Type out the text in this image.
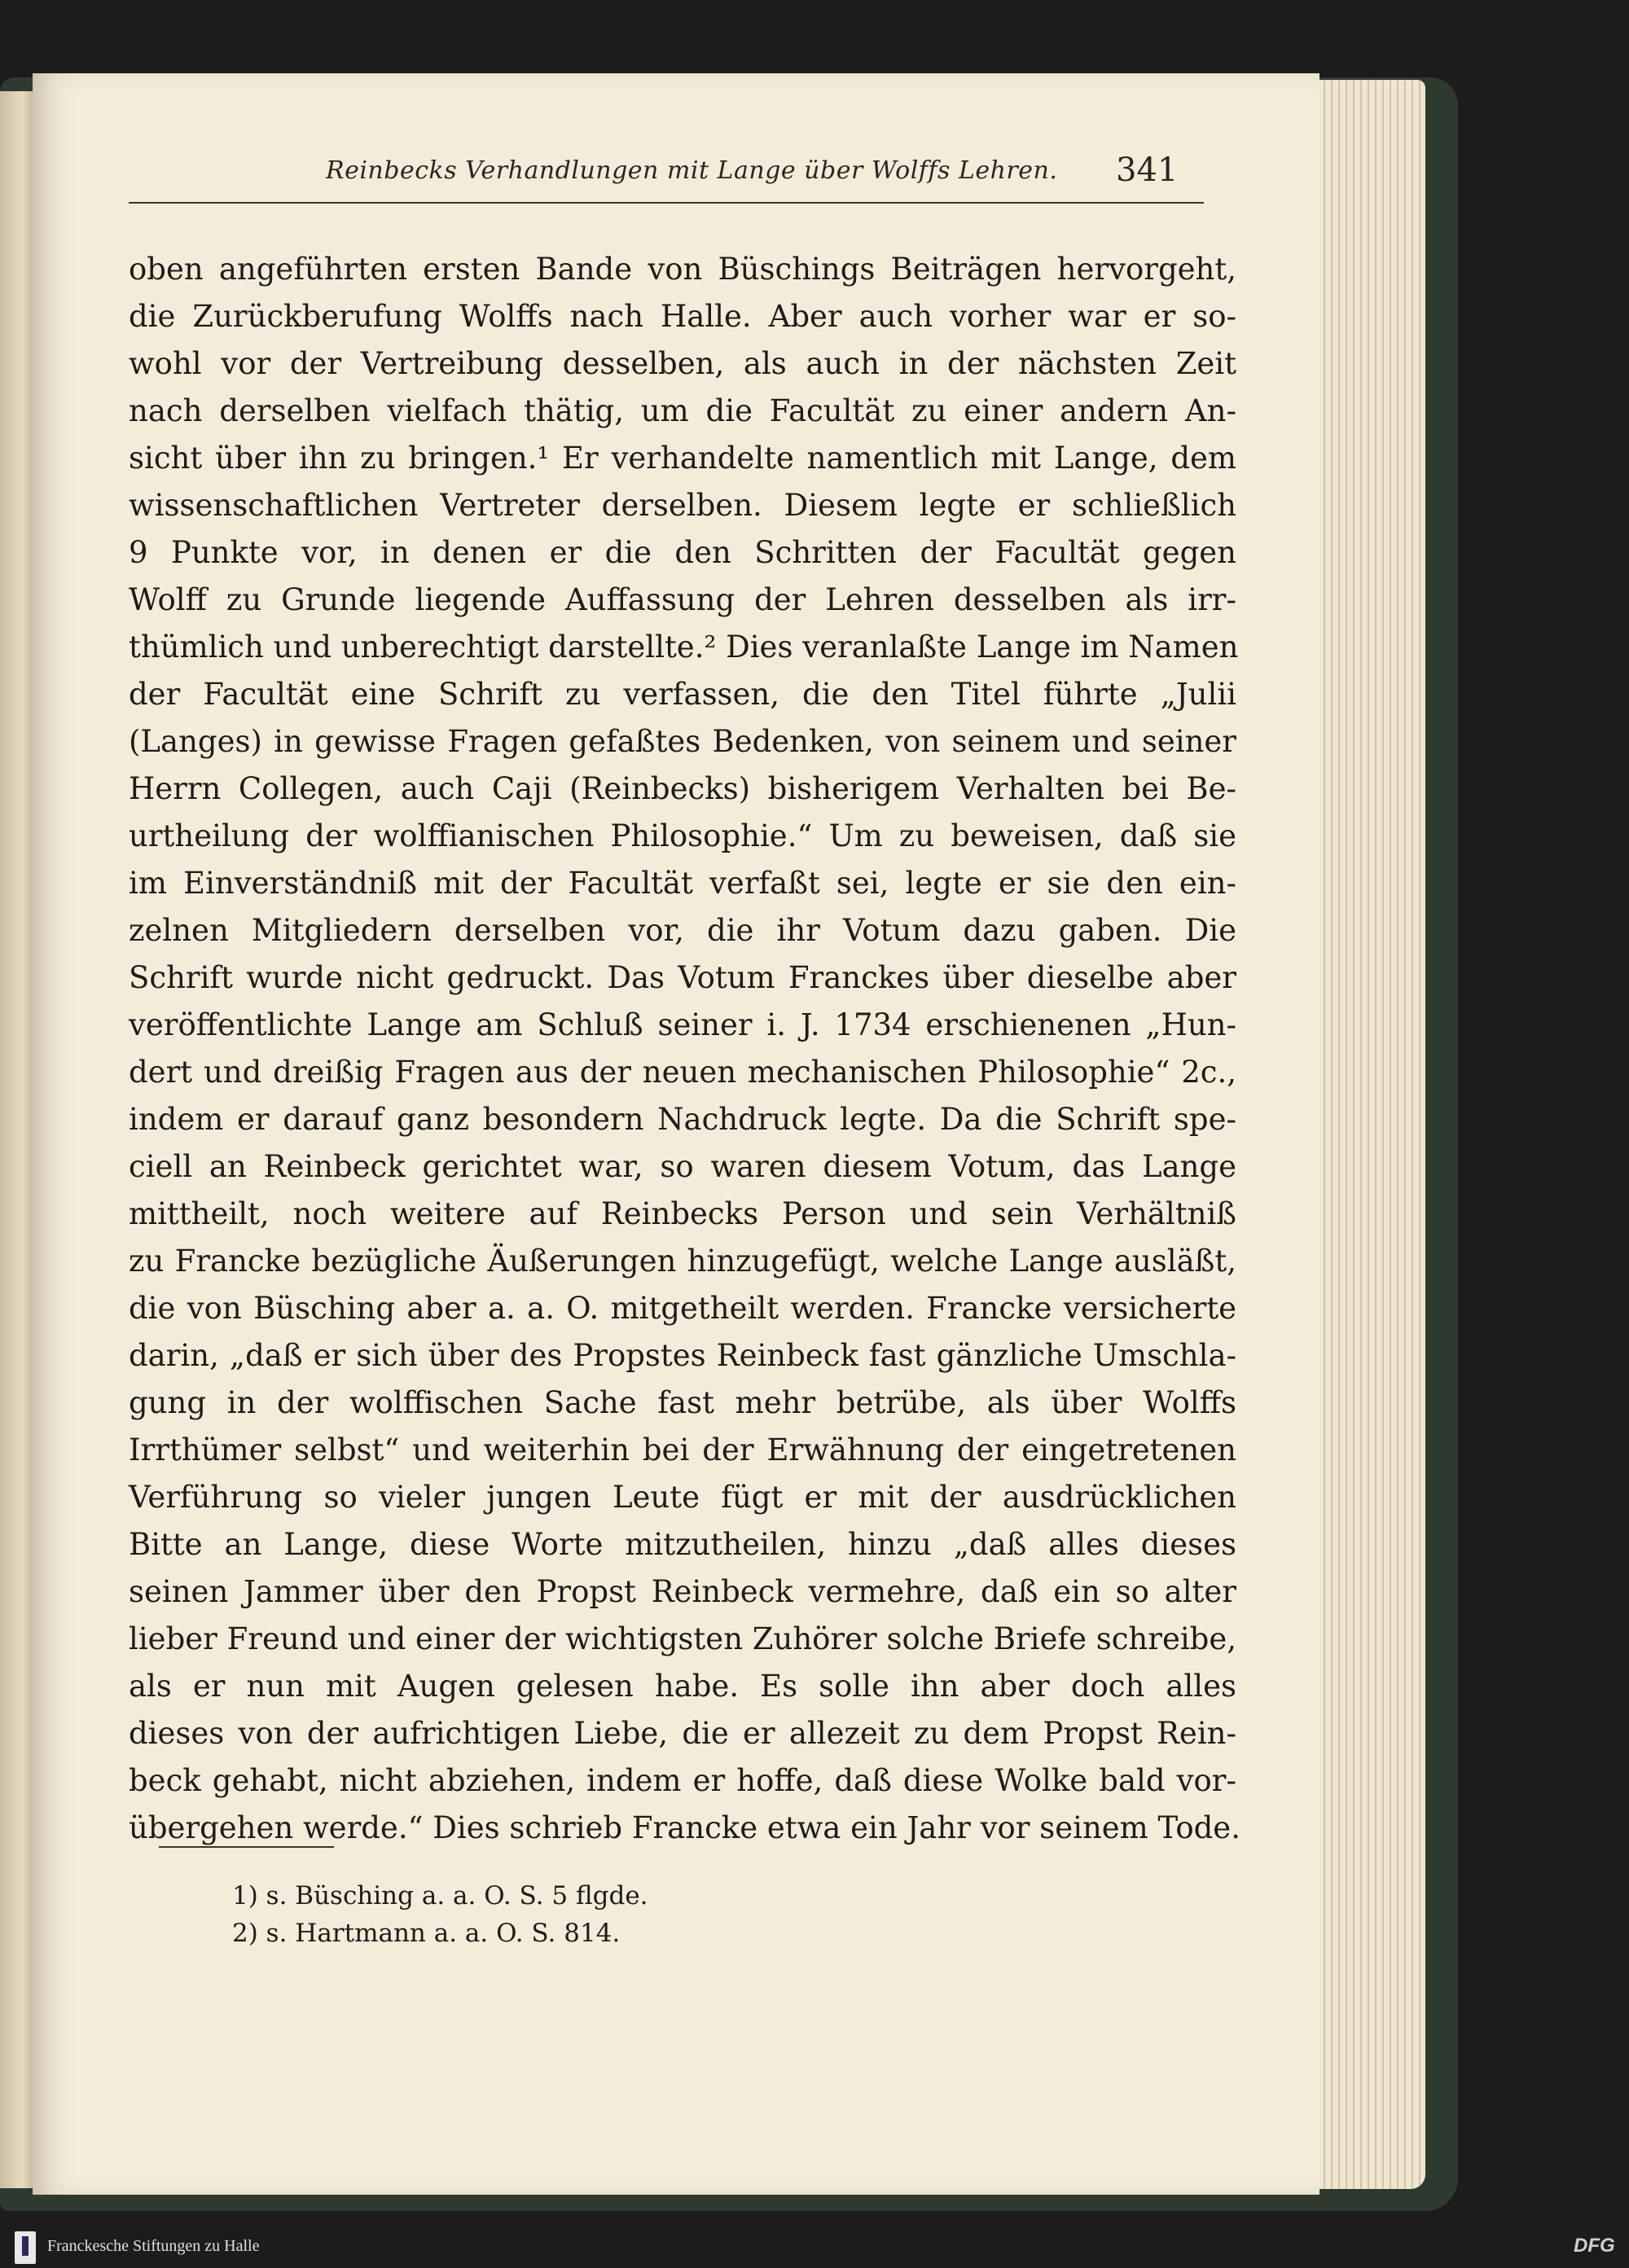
Reinbecks Verhandlungen mit Lange über Wolffs Lehren. 341
oben angeführten ersten Bande von Büschings Beiträgen hervorgeht,
die Zurückberufung Wolffs nach Halle. Aber auch vorher war er so-
wohl vor der Vertreibung desselben, als auch in der nächsten Zeit
nach derselben vielfach thätig, um die Facultät zu einer andern An-
sicht über ihn zu bringen.¹ Er verhandelte namentlich mit Lange, dem
wissenschaftlichen Vertreter derselben. Diesem legte er schließlich
9 Punkte vor, in denen er die den Schritten der Facultät gegen
Wolff zu Grunde liegende Auffassung der Lehren desselben als irr-
thümlich und unberechtigt darstellte.² Dies veranlaßte Lange im Namen
der Facultät eine Schrift zu verfassen, die den Titel führte „Julii
(Langes) in gewisse Fragen gefaßtes Bedenken, von seinem und seiner
Herrn Collegen, auch Caji (Reinbecks) bisherigem Verhalten bei Be-
urtheilung der wolffianischen Philosophie.“ Um zu beweisen, daß sie
im Einverständniß mit der Facultät verfaßt sei, legte er sie den ein-
zelnen Mitgliedern derselben vor, die ihr Votum dazu gaben. Die
Schrift wurde nicht gedruckt. Das Votum Franckes über dieselbe aber
veröffentlichte Lange am Schluß seiner i. J. 1734 erschienenen „Hun-
dert und dreißig Fragen aus der neuen mechanischen Philosophie“ 2c.,
indem er darauf ganz besondern Nachdruck legte. Da die Schrift spe-
ciell an Reinbeck gerichtet war, so waren diesem Votum, das Lange
mittheilt, noch weitere auf Reinbecks Person und sein Verhältniß
zu Francke bezügliche Äußerungen hinzugefügt, welche Lange ausläßt,
die von Büsching aber a. a. O. mitgetheilt werden. Francke versicherte
darin, „daß er sich über des Propstes Reinbeck fast gänzliche Umschla-
gung in der wolffischen Sache fast mehr betrübe, als über Wolffs
Irrthümer selbst“ und weiterhin bei der Erwähnung der eingetretenen
Verführung so vieler jungen Leute fügt er mit der ausdrücklichen
Bitte an Lange, diese Worte mitzutheilen, hinzu „daß alles dieses
seinen Jammer über den Propst Reinbeck vermehre, daß ein so alter
lieber Freund und einer der wichtigsten Zuhörer solche Briefe schreibe,
als er nun mit Augen gelesen habe. Es solle ihn aber doch alles
dieses von der aufrichtigen Liebe, die er allezeit zu dem Propst Rein-
beck gehabt, nicht abziehen, indem er hoffe, daß diese Wolke bald vor-
übergehen werde.“ Dies schrieb Francke etwa ein Jahr vor seinem Tode.
1) s. Büsching a. a. O. S. 5 flgde.
2) s. Hartmann a. a. O. S. 814.
Franckesche Stiftungen zu Halle	DFG
